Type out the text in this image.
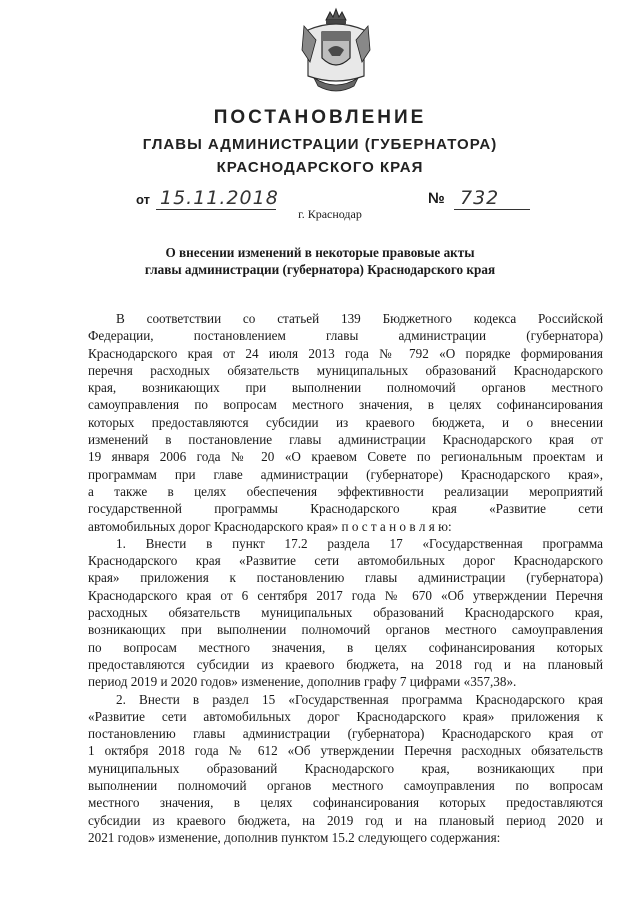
ПОСТАНОВЛЕНИЕ
ГЛАВЫ АДМИНИСТРАЦИИ (ГУБЕРНАТОРА)
КРАСНОДАРСКОГО КРАЯ
от 15.11.2018	№ 732
г. Краснодар
О внесении изменений в некоторые правовые акты
главы администрации (губернатора) Краснодарского края
В соответствии со статьей 139 Бюджетного кодекса Российской
Федерации, постановлением главы администрации (губернатора)
Краснодарского края от 24 июля 2013 года № 792 «О порядке формирования
перечня расходных обязательств муниципальных образований Краснодарского
края, возникающих при выполнении полномочий органов местного
самоуправления по вопросам местного значения, в целях софинансирования
которых предоставляются субсидии из краевого бюджета, и о внесении
изменений в постановление главы администрации Краснодарского края от
19 января 2006 года № 20 «О краевом Совете по региональным проектам и
программам при главе администрации (губернаторе) Краснодарского края»,
а также в целях обеспечения эффективности реализации мероприятий
государственной программы Краснодарского края «Развитие сети
автомобильных дорог Краснодарского края» п о с т а н о в л я ю:
1. Внести в пункт 17.2 раздела 17 «Государственная программа
Краснодарского края «Развитие сети автомобильных дорог Краснодарского
края» приложения к постановлению главы администрации (губернатора)
Краснодарского края от 6 сентября 2017 года № 670 «Об утверждении Перечня
расходных обязательств муниципальных образований Краснодарского края,
возникающих при выполнении полномочий органов местного самоуправления
по вопросам местного значения, в целях софинансирования которых
предоставляются субсидии из краевого бюджета, на 2018 год и на плановый
период 2019 и 2020 годов» изменение, дополнив графу 7 цифрами «357,38».
2. Внести в раздел 15 «Государственная программа Краснодарского края
«Развитие сети автомобильных дорог Краснодарского края» приложения к
постановлению главы администрации (губернатора) Краснодарского края от
1 октября 2018 года № 612 «Об утверждении Перечня расходных обязательств
муниципальных образований Краснодарского края, возникающих при
выполнении полномочий органов местного самоуправления по вопросам
местного значения, в целях софинансирования которых предоставляются
субсидии из краевого бюджета, на 2019 год и на плановый период 2020 и
2021 годов» изменение, дополнив пунктом 15.2 следующего содержания:
